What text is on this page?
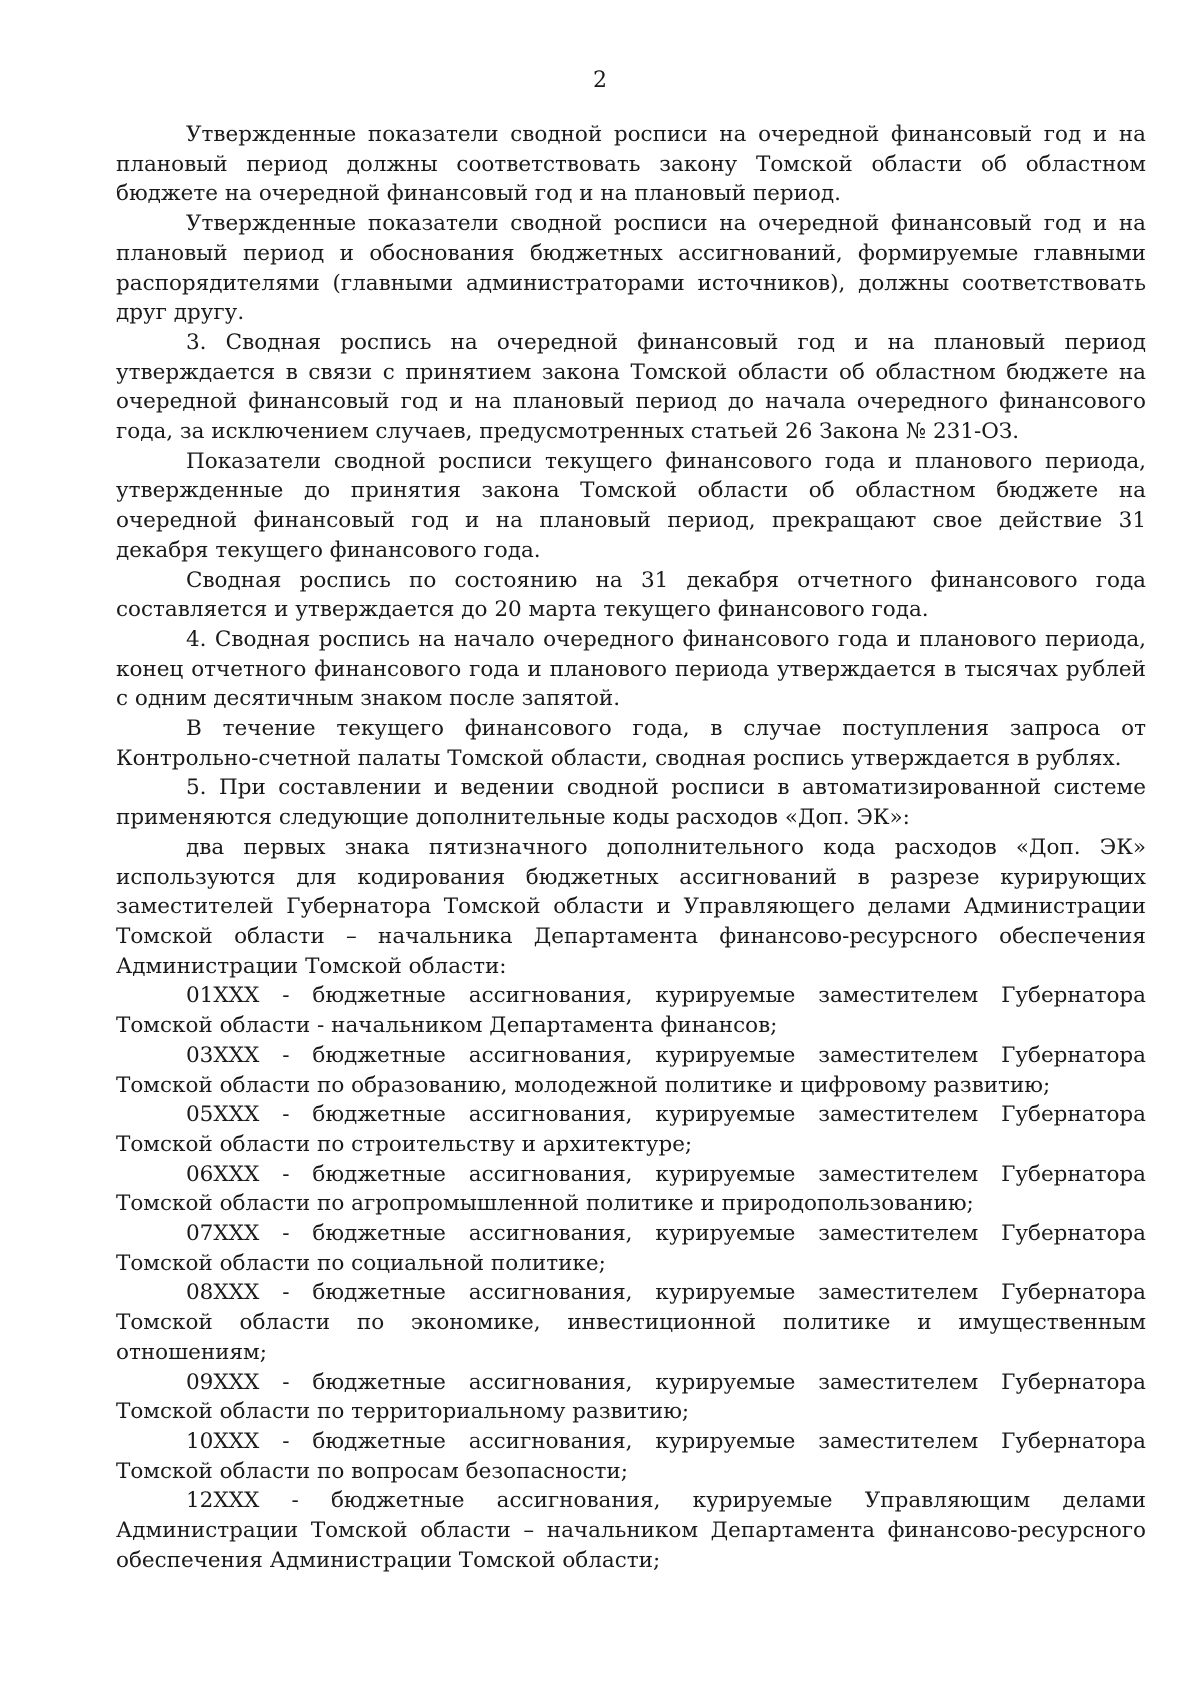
2

Утвержденные показатели сводной росписи на очередной финансовый год и на плановый период должны соответствовать закону Томской области об областном бюджете на очередной финансовый год и на плановый период.

Утвержденные показатели сводной росписи на очередной финансовый год и на плановый период и обоснования бюджетных ассигнований, формируемые главными распорядителями (главными администраторами источников), должны соответствовать друг другу.

3. Сводная роспись на очередной финансовый год и на плановый период утверждается в связи с принятием закона Томской области об областном бюджете на очередной финансовый год и на плановый период до начала очередного финансового года, за исключением случаев, предусмотренных статьей 26 Закона № 231-ОЗ.

Показатели сводной росписи текущего финансового года и планового периода, утвержденные до принятия закона Томской области об областном бюджете на очередной финансовый год и на плановый период, прекращают свое действие 31 декабря текущего финансового года.

Сводная роспись по состоянию на 31 декабря отчетного финансового года составляется и утверждается до 20 марта текущего финансового года.

4. Сводная роспись на начало очередного финансового года и планового периода, конец отчетного финансового года и планового периода утверждается в тысячах рублей с одним десятичным знаком после запятой.

В течение текущего финансового года, в случае поступления запроса от Контрольно-счетной палаты Томской области, сводная роспись утверждается в рублях.

5. При составлении и ведении сводной росписи в автоматизированной системе применяются следующие дополнительные коды расходов «Доп. ЭК»:

два первых знака пятизначного дополнительного кода расходов «Доп. ЭК» используются для кодирования бюджетных ассигнований в разрезе курирующих заместителей Губернатора Томской области и Управляющего делами Администрации Томской области – начальника Департамента финансово-ресурсного обеспечения Администрации Томской области:

01XXX - бюджетные ассигнования, курируемые заместителем Губернатора Томской области - начальником Департамента финансов;

03XXX - бюджетные ассигнования, курируемые заместителем Губернатора Томской области по образованию, молодежной политике и цифровому развитию;

05XXX - бюджетные ассигнования, курируемые заместителем Губернатора Томской области по строительству и архитектуре;

06XXX - бюджетные ассигнования, курируемые заместителем Губернатора Томской области по агропромышленной политике и природопользованию;

07XXX - бюджетные ассигнования, курируемые заместителем Губернатора Томской области по социальной политике;

08XXX - бюджетные ассигнования, курируемые заместителем Губернатора Томской области по экономике, инвестиционной политике и имущественным отношениям;

09XXX - бюджетные ассигнования, курируемые заместителем Губернатора Томской области по территориальному развитию;

10XXX - бюджетные ассигнования, курируемые заместителем Губернатора Томской области по вопросам безопасности;

12XXX - бюджетные ассигнования, курируемые Управляющим делами Администрации Томской области – начальником Департамента финансово-ресурсного обеспечения Администрации Томской области;
